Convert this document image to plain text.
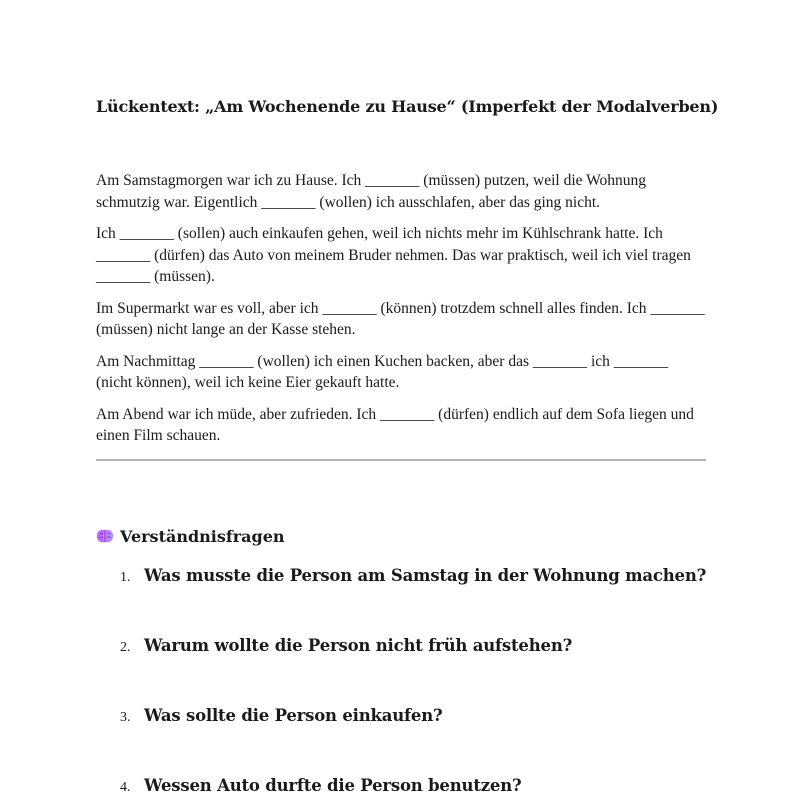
Lückentext: „Am Wochenende zu Hause“ (Imperfekt der Modalverben)

Am Samstagmorgen war ich zu Hause. Ich _______ (müssen) putzen, weil die Wohnung schmutzig war. Eigentlich _______ (wollen) ich ausschlafen, aber das ging nicht.

Ich _______ (sollen) auch einkaufen gehen, weil ich nichts mehr im Kühlschrank hatte. Ich _______ (dürfen) das Auto von meinem Bruder nehmen. Das war praktisch, weil ich viel tragen _______ (müssen).

Im Supermarkt war es voll, aber ich _______ (können) trotzdem schnell alles finden. Ich _______ (müssen) nicht lange an der Kasse stehen.

Am Nachmittag _______ (wollen) ich einen Kuchen backen, aber das _______ ich _______ (nicht können), weil ich keine Eier gekauft hatte.

Am Abend war ich müde, aber zufrieden. Ich _______ (dürfen) endlich auf dem Sofa liegen und einen Film schauen.

Verständnisfragen
1. Was musste die Person am Samstag in der Wohnung machen?
2. Warum wollte die Person nicht früh aufstehen?
3. Was sollte die Person einkaufen?
4. Wessen Auto durfte die Person benutzen?
